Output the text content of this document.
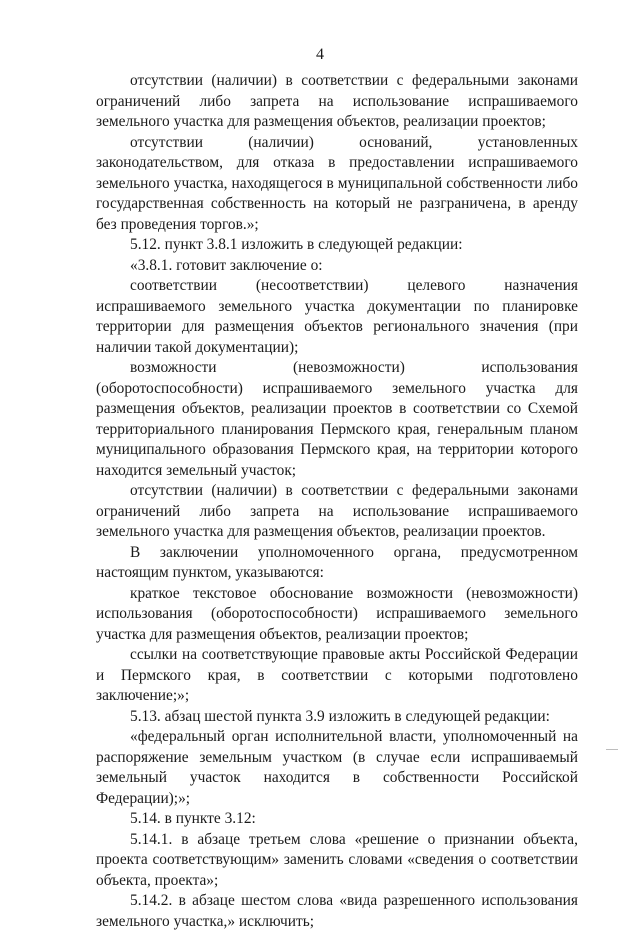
4

отсутствии (наличии) в соответствии с федеральными законами ограничений либо запрета на использование испрашиваемого земельного участка для размещения объектов, реализации проектов;

отсутствии (наличии) оснований, установленных законодательством, для отказа в предоставлении испрашиваемого земельного участка, находящегося в муниципальной собственности либо государственная собственность на который не разграничена, в аренду без проведения торгов.»;

5.12. пункт 3.8.1 изложить в следующей редакции:

«3.8.1. готовит заключение о:

соответствии (несоответствии) целевого назначения испрашиваемого земельного участка документации по планировке территории для размещения объектов регионального значения (при наличии такой документации);

возможности (невозможности) использования (оборотоспособности) испрашиваемого земельного участка для размещения объектов, реализации проектов в соответствии со Схемой территориального планирования Пермского края, генеральным планом муниципального образования Пермского края, на территории которого находится земельный участок;

отсутствии (наличии) в соответствии с федеральными законами ограничений либо запрета на использование испрашиваемого земельного участка для размещения объектов, реализации проектов.

В заключении уполномоченного органа, предусмотренном настоящим пунктом, указываются:

краткое текстовое обоснование возможности (невозможности) использования (оборотоспособности) испрашиваемого земельного участка для размещения объектов, реализации проектов;

ссылки на соответствующие правовые акты Российской Федерации и Пермского края, в соответствии с которыми подготовлено заключение;»;

5.13. абзац шестой пункта 3.9 изложить в следующей редакции:

«федеральный орган исполнительной власти, уполномоченный на распоряжение земельным участком (в случае если испрашиваемый земельный участок находится в собственности Российской Федерации);»;

5.14. в пункте 3.12:

5.14.1. в абзаце третьем слова «решение о признании объекта, проекта соответствующим» заменить словами «сведения о соответствии объекта, проекта»;

5.14.2. в абзаце шестом слова «вида разрешенного использования земельного участка,» исключить;
